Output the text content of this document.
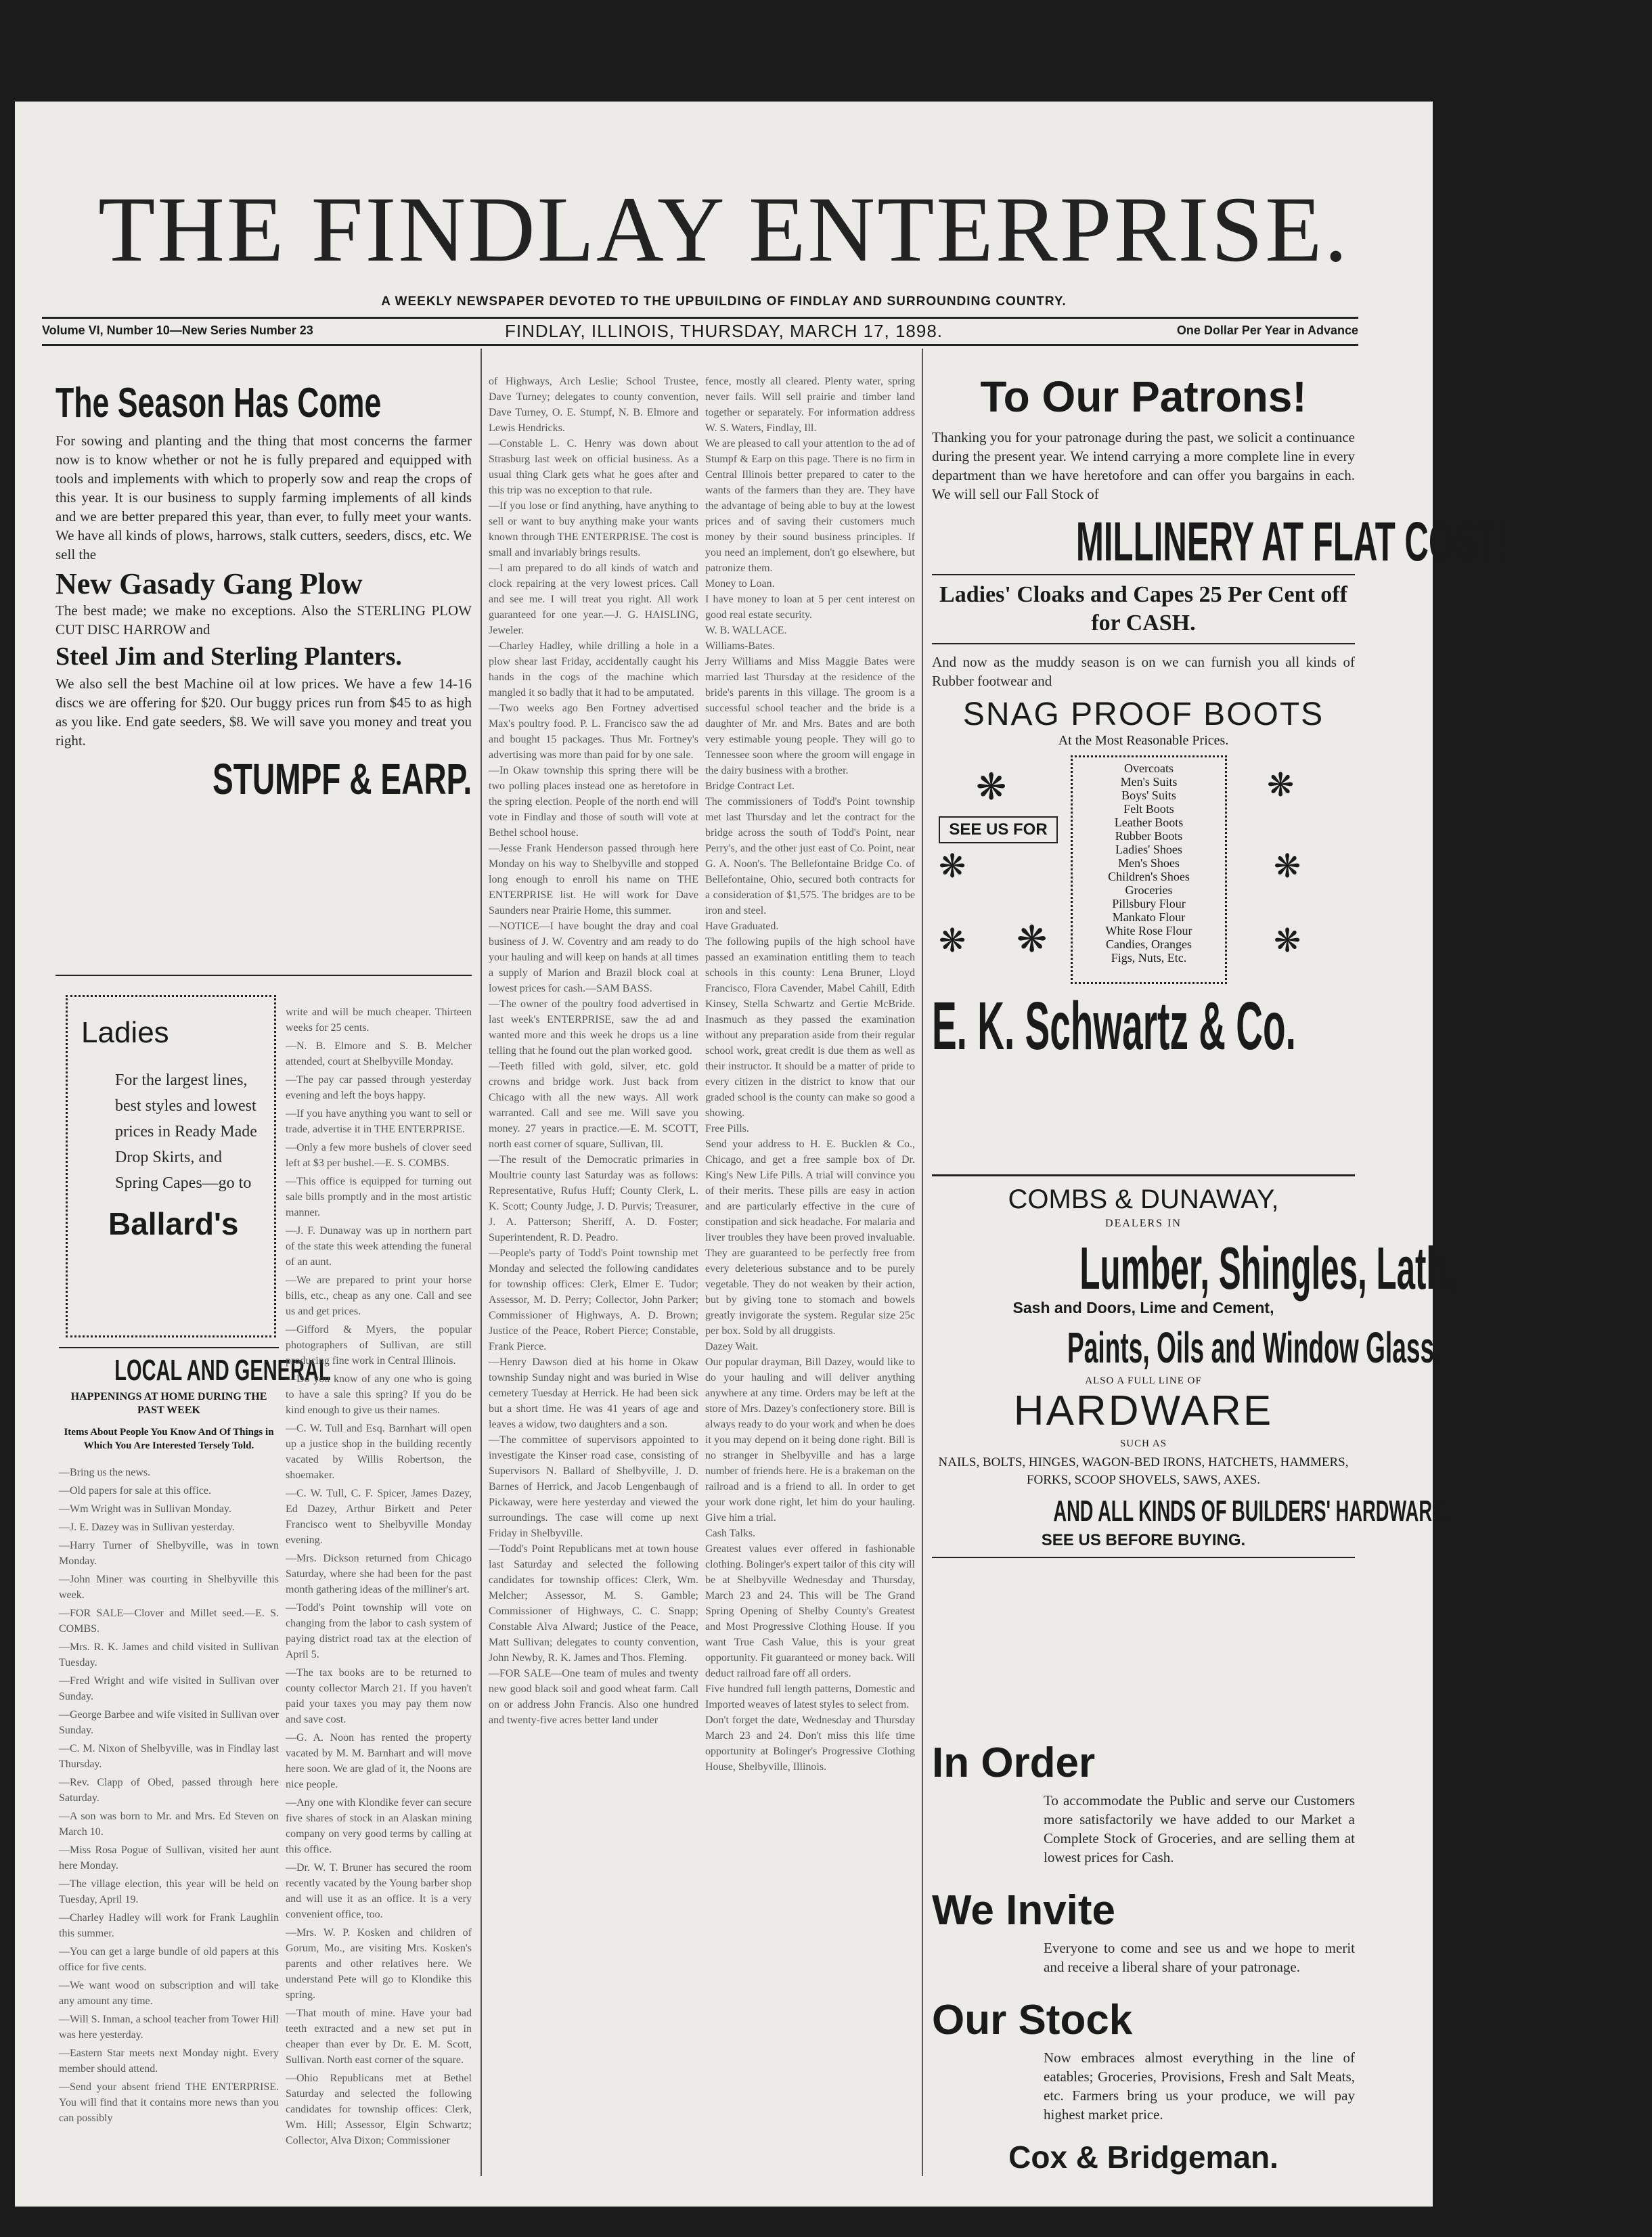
THE FINDLAY ENTERPRISE.
A WEEKLY NEWSPAPER DEVOTED TO THE UPBUILDING OF FINDLAY AND SURROUNDING COUNTRY.
Volume VI, Number 10—New Series Number 23	FINDLAY, ILLINOIS, THURSDAY, MARCH 17, 1898.	One Dollar Per Year in Advance
The Season Has Come
For sowing and planting and the thing that most concerns the farmer now is to know whether or not he is fully prepared and equipped with tools and implements with which to properly sow and reap the crops of this year. It is our business to supply farming implements of all kinds and we are better prepared this year, than ever, to fully meet your wants. We have all kinds of plows, harrows, stalk cutters, seeders, discs, etc. We sell the
New Gasady Gang Plow
The best made; we make no exceptions. Also the STERLING PLOW CUT DISC HARROW and
Steel Jim and Sterling Planters.
We also sell the best Machine oil at low prices. We have a few 14-16 discs we are offering for $20. Our buggy prices run from $45 to as high as you like. End gate seeders, $8. We will save you money and treat you right.
STUMPF & EARP.
Ladies
For the largest lines, best styles and lowest prices in Ready Made Drop Skirts, and Spring Capes—go to
Ballard's
LOCAL AND GENERAL
HAPPENINGS AT HOME DURING THE PAST WEEK
Items About People You Know And Of Things in Which You Are Interested Tersely Told.
—Bring us the news.
—Old papers for sale at this office.
—Wm Wright was in Sullivan Monday.
—J. E. Dazey was in Sullivan yesterday.
—Harry Turner of Shelbyville, was in town Monday.
—John Miner was courting in Shelbyville this week.
—FOR SALE—Clover and Millet seed.—E. S. COMBS.
—Mrs. R. K. James and child visited in Sullivan Tuesday.
—Fred Wright and wife visited in Sullivan over Sunday.
—George Barbee and wife visited in Sullivan over Sunday.
—C. M. Nixon of Shelbyville, was in Findlay last Thursday.
—Rev. Clapp of Obed, passed through here Saturday.
—A son was born to Mr. and Mrs. Ed Steven on March 10.
—Miss Rosa Pogue of Sullivan, visited her aunt here Monday.
—The village election, this year will be held on Tuesday, April 19.
—Charley Hadley will work for Frank Laughlin this summer.
—You can get a large bundle of old papers at this office for five cents.
—We want wood on subscription and will take any amount any time.
—Will S. Inman, a school teacher from Tower Hill was here yesterday.
—Eastern Star meets next Monday night. Every member should attend.
—Send your absent friend THE ENTERPRISE. You will find that it contains more news than you can possibly
write and will be much cheaper. Thirteen weeks for 25 cents.
—N. B. Elmore and S. B. Melcher attended, court at Shelbyville Monday.
—The pay car passed through yesterday evening and left the boys happy.
—If you have anything you want to sell or trade, advertise it in THE ENTERPRISE.
—Only a few more bushels of clover seed left at $3 per bushel.—E. S. COMBS.
—This office is equipped for turning out sale bills promptly and in the most artistic manner.
—J. F. Dunaway was up in northern part of the state this week attending the funeral of an aunt.
—We are prepared to print your horse bills, etc., cheap as any one. Call and see us and get prices.
—Gifford & Myers, the popular photographers of Sullivan, are still producing fine work in Central Illinois.
—Do you know of any one who is going to have a sale this spring? If you do be kind enough to give us their names.
—C. W. Tull and Esq. Barnhart will open up a justice shop in the building recently vacated by Willis Robertson, the shoemaker.
—C. W. Tull, C. F. Spicer, James Dazey, Ed Dazey, Arthur Birkett and Peter Francisco went to Shelbyville Monday evening.
—Mrs. Dickson returned from Chicago Saturday, where she had been for the past month gathering ideas of the milliner's art.
—Todd's Point township will vote on changing from the labor to cash system of paying district road tax at the election of April 5.
—The tax books are to be returned to county collector March 21. If you haven't paid your taxes you may pay them now and save cost.
—G. A. Noon has rented the property vacated by M. M. Barnhart and will move here soon. We are glad of it, the Noons are nice people.
—Any one with Klondike fever can secure five shares of stock in an Alaskan mining company on very good terms by calling at this office.
—Dr. W. T. Bruner has secured the room recently vacated by the Young barber shop and will use it as an office. It is a very convenient office, too.
—Mrs. W. P. Kosken and children of Gorum, Mo., are visiting Mrs. Kosken's parents and other relatives here. We understand Pete will go to Klondike this spring.
—That mouth of mine. Have your bad teeth extracted and a new set put in cheaper than ever by Dr. E. M. Scott, Sullivan. North east corner of the square.
—Ohio Republicans met at Bethel Saturday and selected the following candidates for township offices: Clerk, Wm. Hill; Assessor, Elgin Schwartz; Collector, Alva Dixon; Commissioner
of Highways, Arch Leslie; School Trustee, Dave Turney; delegates to county convention, Dave Turney, O. E. Stumpf, N. B. Elmore and Lewis Hendricks.
—Constable L. C. Henry was down about Strasburg last week on official business. As a usual thing Clark gets what he goes after and this trip was no exception to that rule.
—If you lose or find anything, have anything to sell or want to buy anything make your wants known through THE ENTERPRISE. The cost is small and invariably brings results.
—I am prepared to do all kinds of watch and clock repairing at the very lowest prices. Call and see me. I will treat you right. All work guaranteed for one year.—J. G. HAISLING, Jeweler.
—Charley Hadley, while drilling a hole in a plow shear last Friday, accidentally caught his hands in the cogs of the machine which mangled it so badly that it had to be amputated.
—Two weeks ago Ben Fortney advertised Max's poultry food. P. L. Francisco saw the ad and bought 15 packages. Thus Mr. Fortney's advertising was more than paid for by one sale.
—In Okaw township this spring there will be two polling places instead one as heretofore in the spring election. People of the north end will vote in Findlay and those of south will vote at Bethel school house.
—Jesse Frank Henderson passed through here Monday on his way to Shelbyville and stopped long enough to enroll his name on THE ENTERPRISE list. He will work for Dave Saunders near Prairie Home, this summer.
—NOTICE—I have bought the dray and coal business of J. W. Coventry and am ready to do your hauling and will keep on hands at all times a supply of Marion and Brazil block coal at lowest prices for cash.—SAM BASS.
—The owner of the poultry food advertised in last week's ENTERPRISE, saw the ad and wanted more and this week he drops us a line telling that he found out the plan worked good.
—Teeth filled with gold, silver, etc. gold crowns and bridge work. Just back from Chicago with all the new ways. All work warranted. Call and see me. Will save you money. 27 years in practice.—E. M. SCOTT, north east corner of square, Sullivan, Ill.
—The result of the Democratic primaries in Moultrie county last Saturday was as follows: Representative, Rufus Huff; County Clerk, L. K. Scott; County Judge, J. D. Purvis; Treasurer, J. A. Patterson; Sheriff, A. D. Foster; Superintendent, R. D. Peadro.
—People's party of Todd's Point township met Monday and selected the following candidates for township offices: Clerk, Elmer E. Tudor; Assessor, M. D. Perry; Collector, John Parker; Commissioner of Highways, A. D. Brown; Justice of the Peace, Robert Pierce; Constable, Frank Pierce.
—Henry Dawson died at his home in Okaw township Sunday night and was buried in Wise cemetery Tuesday at Herrick. He had been sick but a short time. He was 41 years of age and leaves a widow, two daughters and a son.
—The committee of supervisors appointed to investigate the Kinser road case, consisting of Supervisors N. Ballard of Shelbyville, J. D. Barnes of Herrick, and Jacob Lengenbaugh of Pickaway, were here yesterday and viewed the surroundings. The case will come up next Friday in Shelbyville.
—Todd's Point Republicans met at town house last Saturday and selected the following candidates for township offices: Clerk, Wm. Melcher; Assessor, M. S. Gamble; Commissioner of Highways, C. C. Snapp; Constable Alva Alward; Justice of the Peace, Matt Sullivan; delegates to county convention, John Newby, R. K. James and Thos. Fleming.
—FOR SALE—One team of mules and twenty new good black soil and good wheat farm. Call on or address John Francis. Also one hundred and twenty-five acres better land under
fence, mostly all cleared. Plenty water, spring never fails. Will sell prairie and timber land together or separately. For information address W. S. Waters, Findlay, Ill.
We are pleased to call your attention to the ad of Stumpf & Earp on this page. There is no firm in Central Illinois better prepared to cater to the wants of the farmers than they are. They have the advantage of being able to buy at the lowest prices and of saving their customers much money by their sound business principles. If you need an implement, don't go elsewhere, but patronize them.
Money to Loan.
I have money to loan at 5 per cent interest on good real estate security.
W. B. WALLACE.
Williams-Bates.
Jerry Williams and Miss Maggie Bates were married last Thursday at the residence of the bride's parents in this village. The groom is a successful school teacher and the bride is a daughter of Mr. and Mrs. Bates and are both very estimable young people. They will go to Tennessee soon where the groom will engage in the dairy business with a brother.
Bridge Contract Let.
The commissioners of Todd's Point township met last Thursday and let the contract for the bridge across the south of Todd's Point, near Perry's, and the other just east of Co. Point, near G. A. Noon's. The Bellefontaine Bridge Co. of Bellefontaine, Ohio, secured both contracts for a consideration of $1,575. The bridges are to be iron and steel.
Have Graduated.
The following pupils of the high school have passed an examination entitling them to teach schools in this county: Lena Bruner, Lloyd Francisco, Flora Cavender, Mabel Cahill, Edith Kinsey, Stella Schwartz and Gertie McBride. Inasmuch as they passed the examination without any preparation aside from their regular school work, great credit is due them as well as their instructor. It should be a matter of pride to every citizen in the district to know that our graded school is the county can make so good a showing.
Free Pills.
Send your address to H. E. Bucklen & Co., Chicago, and get a free sample box of Dr. King's New Life Pills. A trial will convince you of their merits. These pills are easy in action and are particularly effective in the cure of constipation and sick headache. For malaria and liver troubles they have been proved invaluable. They are guaranteed to be perfectly free from every deleterious substance and to be purely vegetable. They do not weaken by their action, but by giving tone to stomach and bowels greatly invigorate the system. Regular size 25c per box. Sold by all druggists.
Dazey Wait.
Our popular drayman, Bill Dazey, would like to do your hauling and will deliver anything anywhere at any time. Orders may be left at the store of Mrs. Dazey's confectionery store. Bill is always ready to do your work and when he does it you may depend on it being done right. Bill is no stranger in Shelbyville and has a large number of friends here. He is a brakeman on the railroad and is a friend to all. In order to get your work done right, let him do your hauling. Give him a trial.
Cash Talks.
Greatest values ever offered in fashionable clothing. Bolinger's expert tailor of this city will be at Shelbyville Wednesday and Thursday, March 23 and 24. This will be The Grand Spring Opening of Shelby County's Greatest and Most Progressive Clothing House. If you want True Cash Value, this is your great opportunity. Fit guaranteed or money back. Will deduct railroad fare off all orders.
Five hundred full length patterns, Domestic and Imported weaves of latest styles to select from.
Don't forget the date, Wednesday and Thursday March 23 and 24. Don't miss this life time opportunity at Bolinger's Progressive Clothing House, Shelbyville, Illinois.
To Our Patrons!
Thanking you for your patronage during the past, we solicit a continuance during the present year. We intend carrying a more complete line in every department than we have heretofore and can offer you bargains in each. We will sell our Fall Stock of
MILLINERY AT FLAT COST!
Ladies' Cloaks and Capes 25 Per Cent off for CASH.
And now as the muddy season is on we can furnish you all kinds of Rubber footwear and
SNAG PROOF BOOTS
At the Most Reasonable Prices.
❋
❋
❋ ❋
SEE US FOR
Overcoats
Men's Suits
Boys' Suits
Felt Boots
Leather Boots
Rubber Boots
Ladies' Shoes
Men's Shoes
Children's Shoes
Groceries
Pillsbury Flour
Mankato Flour
White Rose Flour
Candies, Oranges
Figs, Nuts, Etc.
❋
❋
❋
E. K. Schwartz & Co.
COMBS & DUNAWAY,
DEALERS IN
Lumber, Shingles, Lath,
Sash and Doors, Lime and Cement,
Paints, Oils and Window Glass.
ALSO A FULL LINE OF
HARDWARE
SUCH AS
NAILS, BOLTS, HINGES, WAGON-BED IRONS, HATCHETS, HAMMERS, FORKS, SCOOP SHOVELS, SAWS, AXES.
AND ALL KINDS OF BUILDERS' HARDWARE.
SEE US BEFORE BUYING.
In Order
To accommodate the Public and serve our Customers more satisfactorily we have added to our Market a Complete Stock of Groceries, and are selling them at lowest prices for Cash.
We Invite
Everyone to come and see us and we hope to merit and receive a liberal share of your patronage.
Our Stock
Now embraces almost everything in the line of eatables; Groceries, Provisions, Fresh and Salt Meats, etc. Farmers bring us your produce, we will pay highest market price.
Cox & Bridgeman.
